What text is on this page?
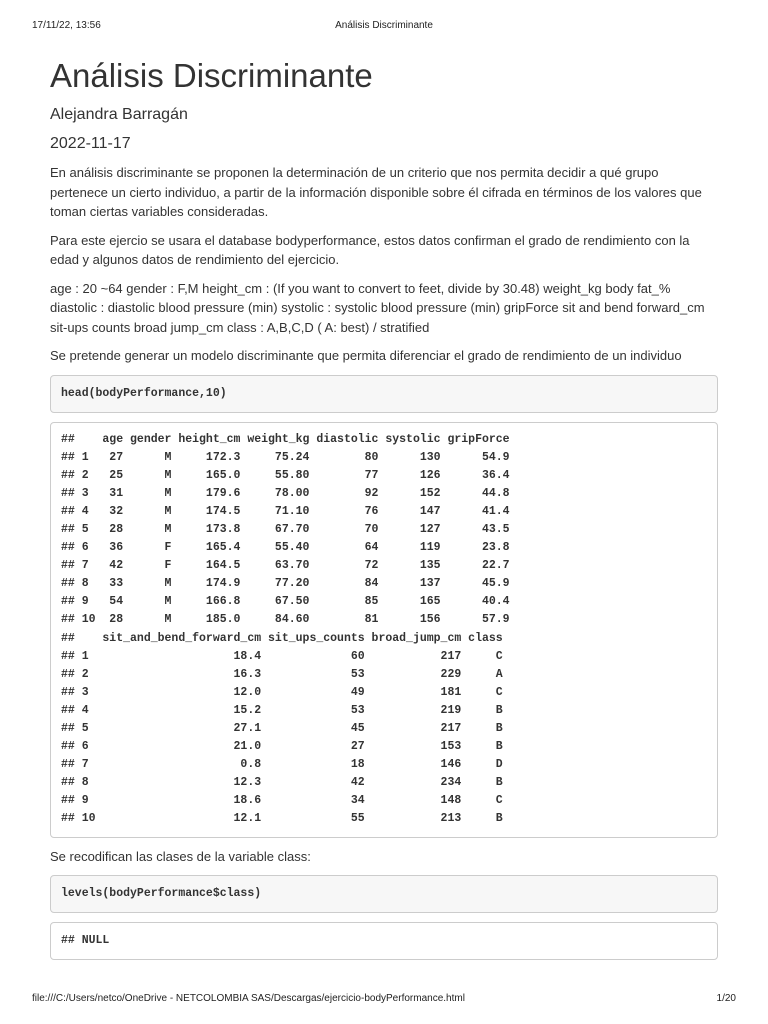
17/11/22, 13:56	Análisis Discriminante
Análisis Discriminante

Alejandra Barragán

2022-11-17

En análisis discriminante se proponen la determinación de un criterio que nos permita decidir a qué grupo pertenece un cierto individuo, a partir de la información disponible sobre él cifrada en términos de los valores que toman ciertas variables consideradas.

Para este ejercio se usara el database bodyperformance, estos datos confirman el grado de rendimiento con la edad y algunos datos de rendimiento del ejercicio.

age : 20 ~64 gender : F,M height_cm : (If you want to convert to feet, divide by 30.48) weight_kg body fat_% diastolic : diastolic blood pressure (min) systolic : systolic blood pressure (min) gripForce sit and bend forward_cm sit-ups counts broad jump_cm class : A,B,C,D ( A: best) / stratified

Se pretende generar un modelo discriminante que permita diferenciar el grado de rendimiento de un individuo

head(bodyPerformance,10)
##    age gender height_cm weight_kg diastolic systolic gripForce
## 1   27      M     172.3     75.24        80      130      54.9
## 2   25      M     165.0     55.80        77      126      36.4
## 3   31      M     179.6     78.00        92      152      44.8
## 4   32      M     174.5     71.10        76      147      41.4
## 5   28      M     173.8     67.70        70      127      43.5
## 6   36      F     165.4     55.40        64      119      23.8
## 7   42      F     164.5     63.70        72      135      22.7
## 8   33      M     174.9     77.20        84      137      45.9
## 9   54      M     166.8     67.50        85      165      40.4
## 10  28      M     185.0     84.60        81      156      57.9
##    sit_and_bend_forward_cm sit_ups_counts broad_jump_cm class
## 1                     18.4             60           217     C
## 2                     16.3             53           229     A
## 3                     12.0             49           181     C
## 4                     15.2             53           219     B
## 5                     27.1             45           217     B
## 6                     21.0             27           153     B
## 7                      0.8             18           146     D
## 8                     12.3             42           234     B
## 9                     18.6             34           148     C
## 10                    12.1             55           213     B

Se recodifican las clases de la variable class:

levels(bodyPerformance$class)
## NULL
file:///C:/Users/netco/OneDrive - NETCOLOMBIA SAS/Descargas/ejercicio-bodyPerformance.html	1/20
